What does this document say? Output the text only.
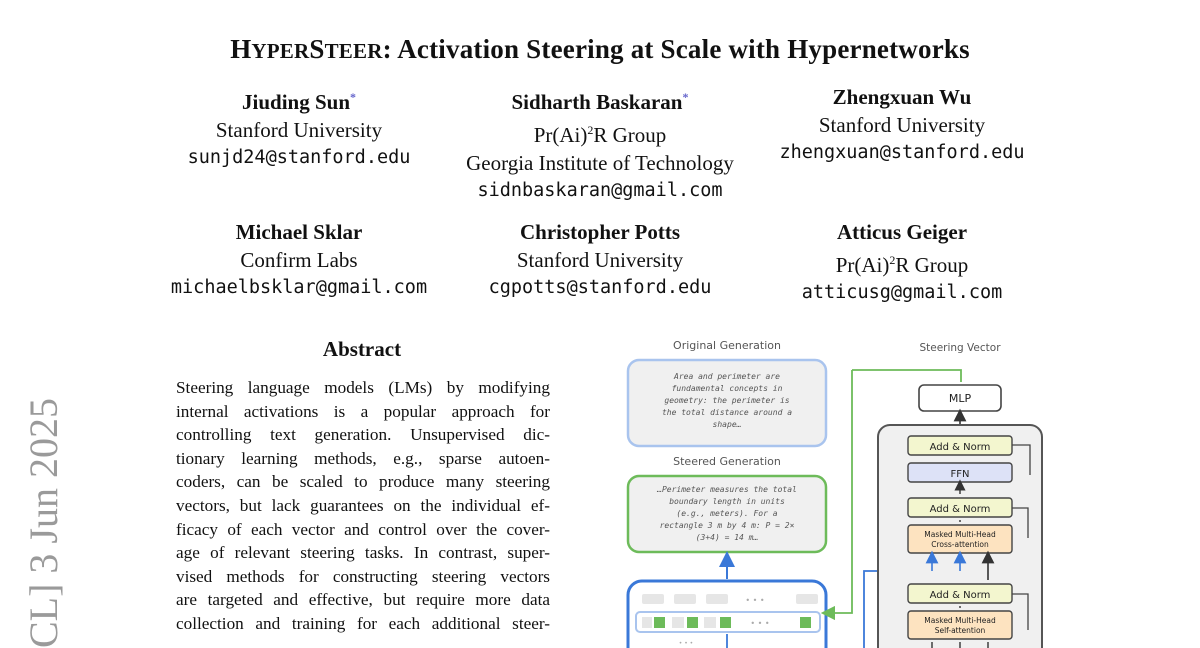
HYPERSTEER: Activation Steering at Scale with Hypernetworks
Jiuding Sun*
Stanford University
sunjd24@stanford.edu
Sidharth Baskaran*
$Pr(Ai)^2R$ Group
Georgia Institute of Technology
sidnbaskaran@gmail.com
Zhengxuan Wu
Stanford University
zhengxuan@stanford.edu
Michael Sklar
Confirm Labs
michaelbsklar@gmail.com
Christopher Potts
Stanford University
cgpotts@stanford.edu
Atticus Geiger
$Pr(Ai)^2R$ Group
atticusg@gmail.com
CL] 3 Jun 2025
Abstract
Steering language models (LMs) by modifying
internal activations is a popular approach for
controlling text generation. Unsupervised dic-
tionary learning methods, e.g., sparse autoen-
coders, can be scaled to produce many steering
vectors, but lack guarantees on the individual ef-
ficacy of each vector and control over the cover-
age of relevant steering tasks. In contrast, super-
vised methods for constructing steering vectors
are targeted and effective, but require more data
collection and training for each additional steer-
Original Generation	Steering Vector
Area and perimeter are
fundamental concepts in
geometry: the perimeter is
the total distance around a
shape…
Steered Generation
…Perimeter measures the total
boundary length in units
(e.g., meters). For a
rectangle 3 m by 4 m: P = 2×
(3+4) = 14 m…
• • •
• • •
• • •
MLP
Add & Norm
FFN
Add & Norm
Masked Multi-Head
Cross-attention
Add & Norm
Masked Multi-Head
Self-attention
